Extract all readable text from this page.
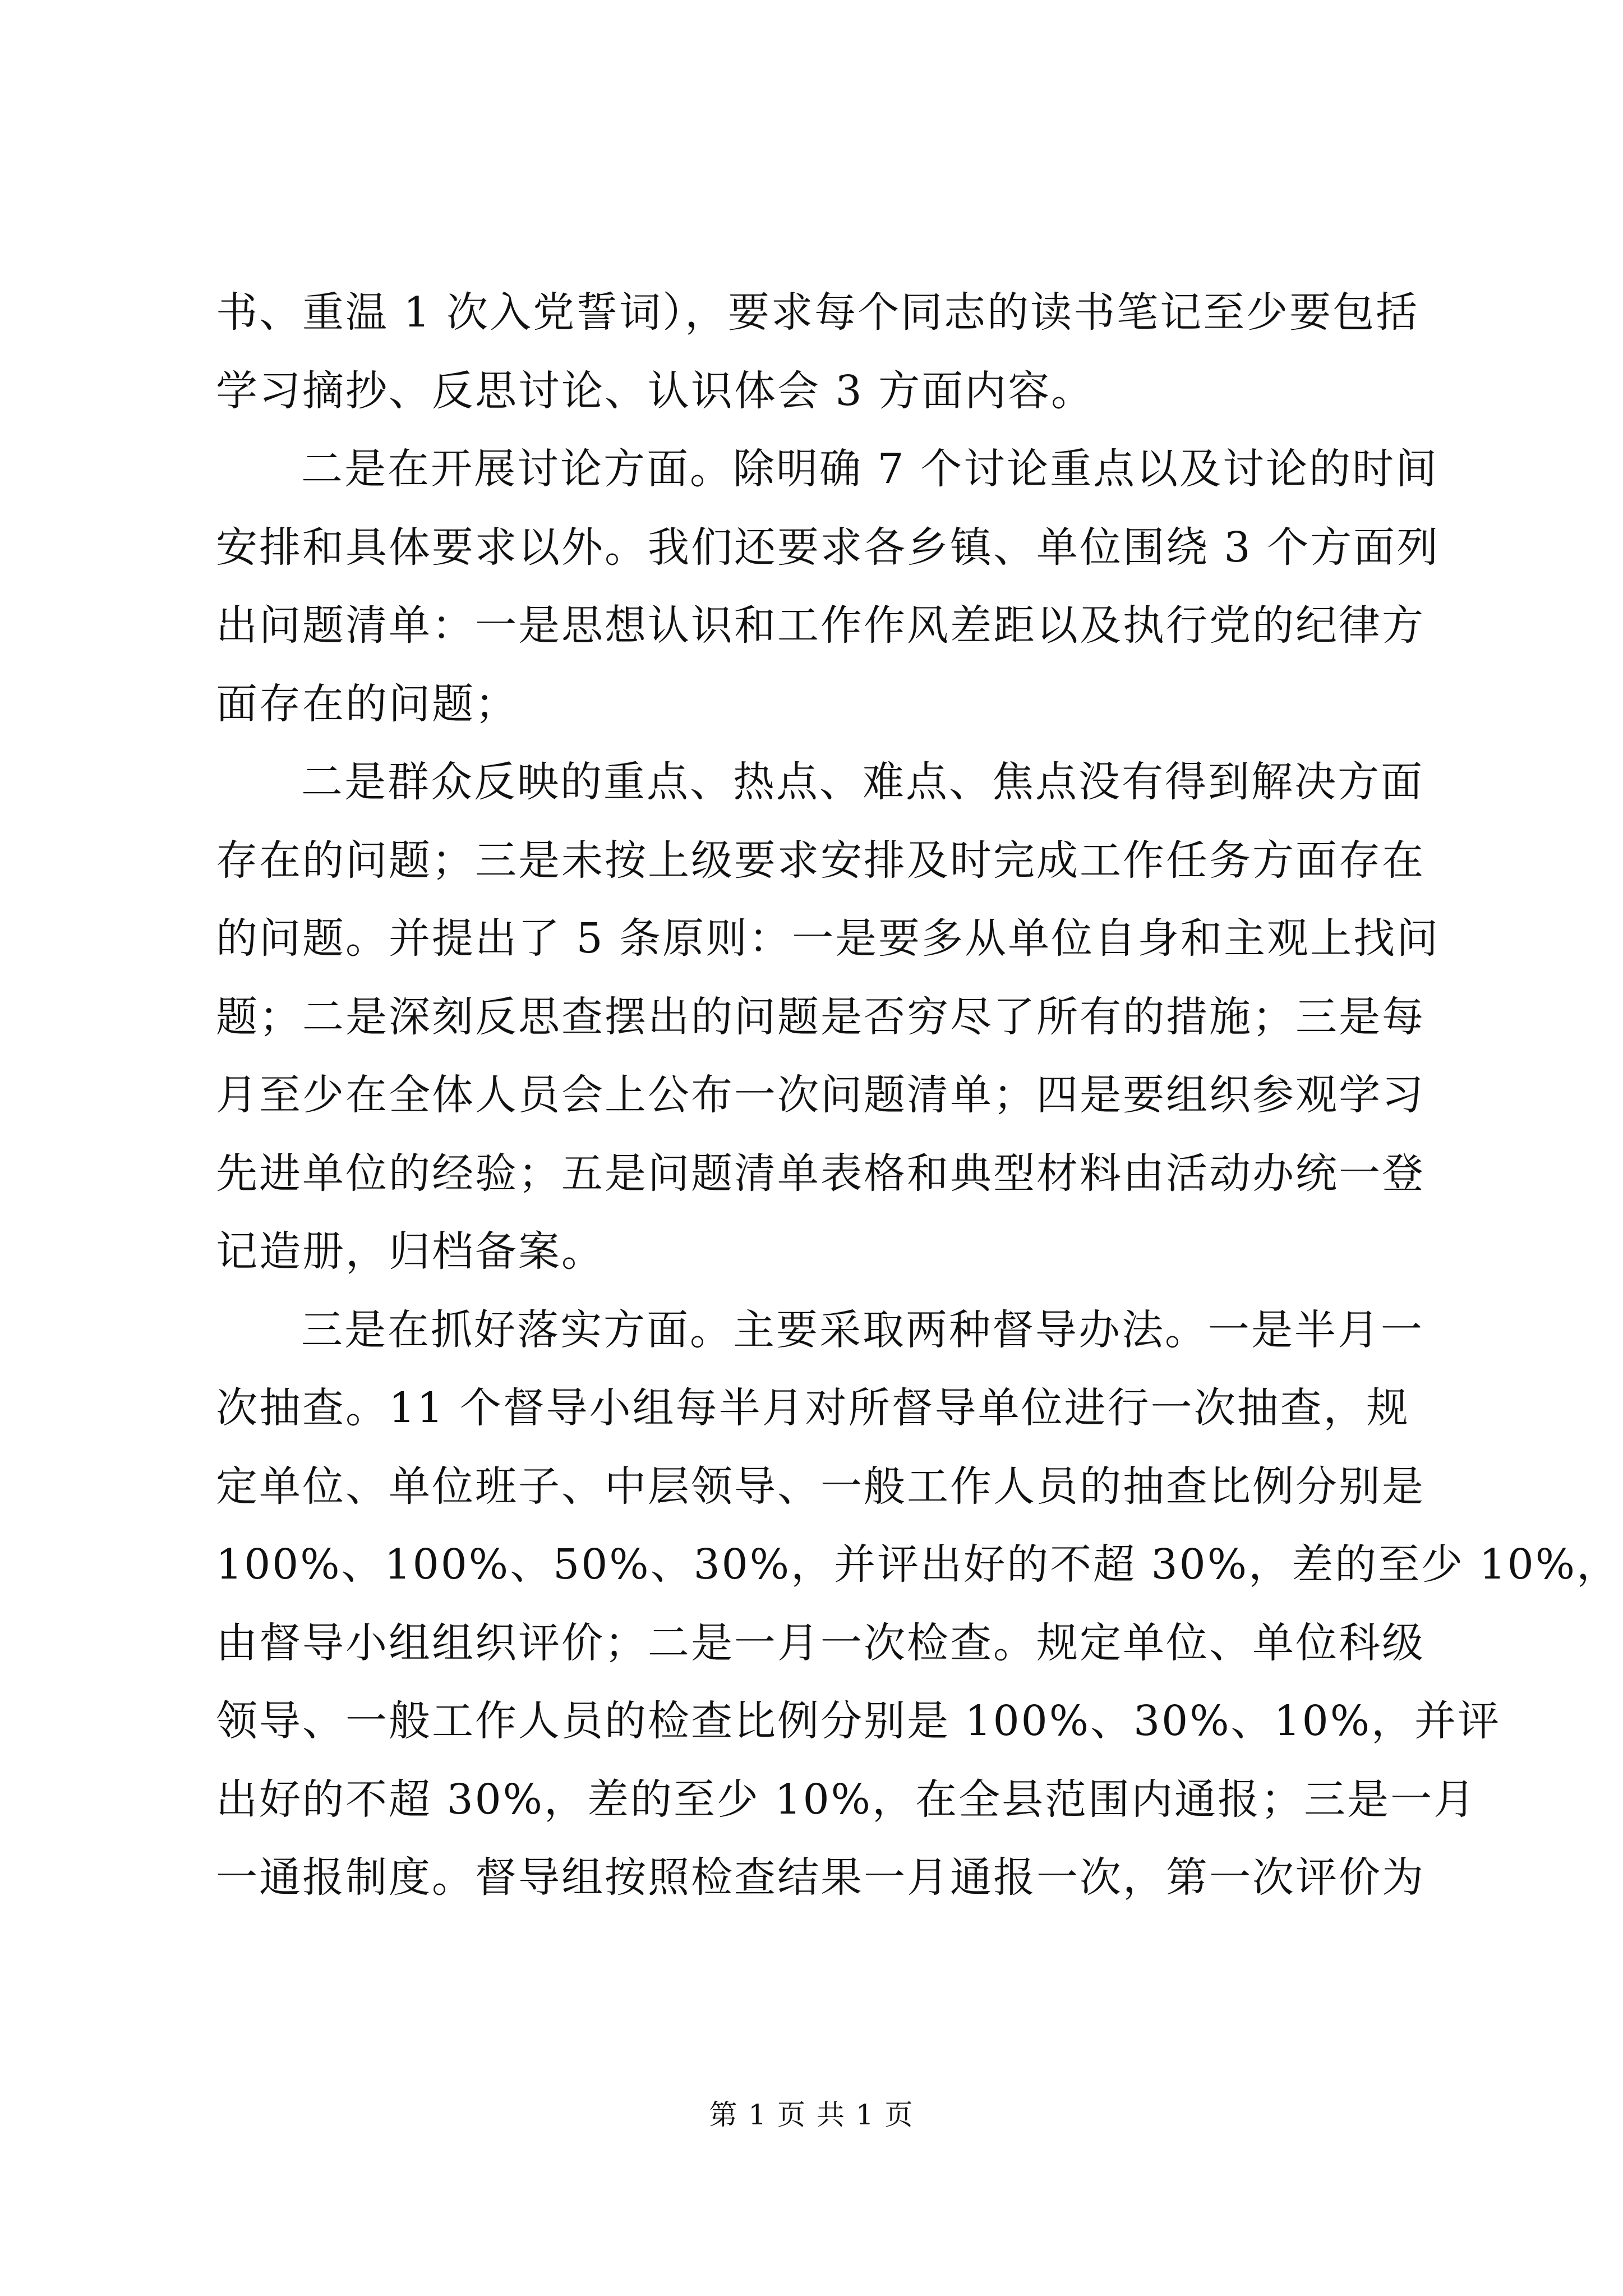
书、重温 1 次入党誓词），要求每个同志的读书笔记至少要包括
学习摘抄、反思讨论、认识体会 3 方面内容。
二是在开展讨论方面。除明确 7 个讨论重点以及讨论的时间
安排和具体要求以外。我们还要求各乡镇、单位围绕 3 个方面列
出问题清单：一是思想认识和工作作风差距以及执行党的纪律方
面存在的问题；
二是群众反映的重点、热点、难点、焦点没有得到解决方面
存在的问题；三是未按上级要求安排及时完成工作任务方面存在
的问题。并提出了 5 条原则：一是要多从单位自身和主观上找问
题；二是深刻反思查摆出的问题是否穷尽了所有的措施；三是每
月至少在全体人员会上公布一次问题清单；四是要组织参观学习
先进单位的经验；五是问题清单表格和典型材料由活动办统一登
记造册，归档备案。
三是在抓好落实方面。主要采取两种督导办法。一是半月一
次抽查。11 个督导小组每半月对所督导单位进行一次抽查，规
定单位、单位班子、中层领导、一般工作人员的抽查比例分别是
100%、100%、50%、30%，并评出好的不超 30%，差的至少 10%，
由督导小组组织评价；二是一月一次检查。规定单位、单位科级
领导、一般工作人员的检查比例分别是 100%、30%、10%，并评
出好的不超 30%，差的至少 10%，在全县范围内通报；三是一月
一通报制度。督导组按照检查结果一月通报一次，第一次评价为
第 1 页 共 1 页
